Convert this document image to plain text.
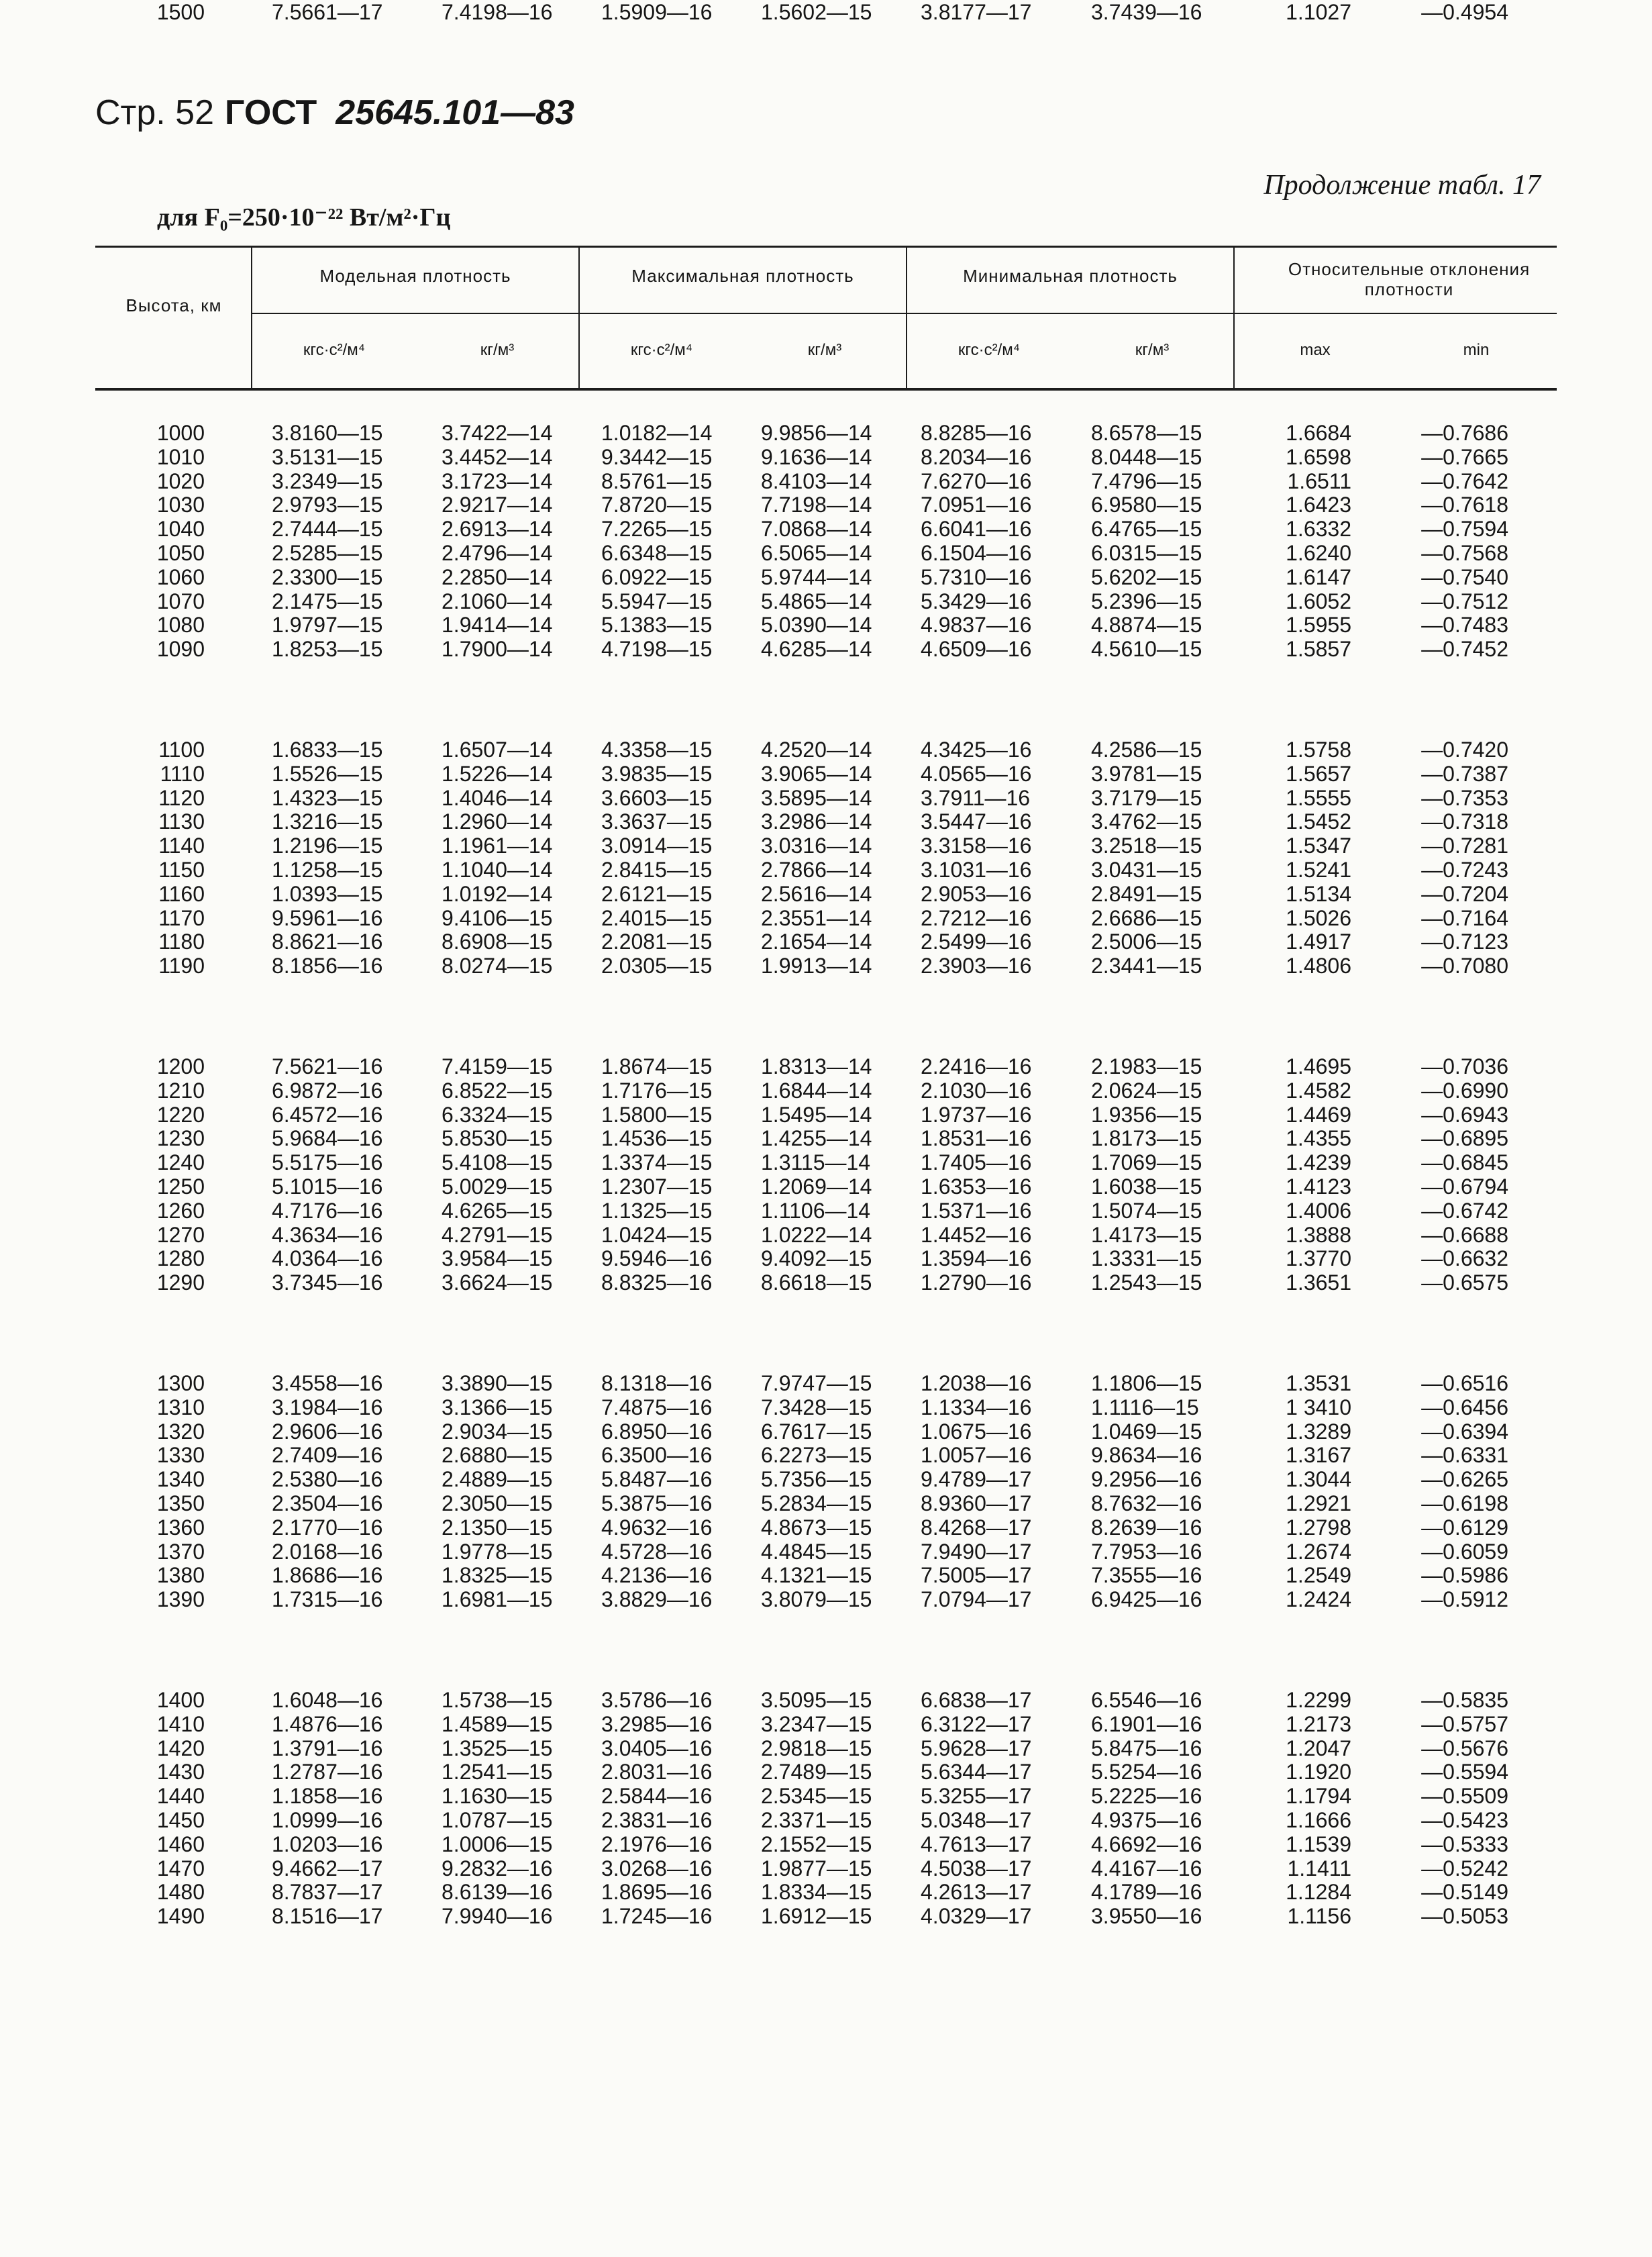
Стр. 52 ГОСТ 25645.101—83
Продолжение табл. 17
для F₀=250·10⁻²² Вт/м²·Гц
Высота, км
Модельная плотность	Максимальная плотность	Минимальная плотность	Относительные отклонения плотности
кгс·с²/м⁴	кг/м³	кгс·с²/м⁴	кг/м³	кгс·с²/м⁴	кг/м³	max	min
1000	3.8160—15	3.7422—14 1.0182—14 9.9856—14 8.8285—16	8.6578—15	1.6684	—0.7686
1010	3.5131—15	3.4452—14 9.3442—15 9.1636—14 8.2034—16	8.0448—15	1.6598	—0.7665
1020	3.2349—15	3.1723—14 8.5761—15 8.4103—14 7.6270—16	7.4796—15	1.6511	—0.7642
1030	2.9793—15	2.9217—14 7.8720—15 7.7198—14 7.0951—16	6.9580—15	1.6423	—0.7618
1040	2.7444—15	2.6913—14 7.2265—15 7.0868—14 6.6041—16	6.4765—15	1.6332	—0.7594
1050	2.5285—15	2.4796—14 6.6348—15 6.5065—14 6.1504—16	6.0315—15	1.6240	—0.7568
1060	2.3300—15	2.2850—14 6.0922—15 5.9744—14 5.7310—16	5.6202—15	1.6147	—0.7540
1070	2.1475—15	2.1060—14 5.5947—15 5.4865—14 5.3429—16	5.2396—15	1.6052	—0.7512
1080	1.9797—15	1.9414—14 5.1383—15 5.0390—14 4.9837—16	4.8874—15	1.5955	—0.7483
1090	1.8253—15	1.7900—14 4.7198—15 4.6285—14 4.6509—16	4.5610—15	1.5857	—0.7452
1100	1.6833—15	1.6507—14 4.3358—15 4.2520—14 4.3425—16	4.2586—15	1.5758	—0.7420
1110	1.5526—15	1.5226—14 3.9835—15 3.9065—14 4.0565—16	3.9781—15	1.5657	—0.7387
1120	1.4323—15	1.4046—14 3.6603—15 3.5895—14 3.7911—16	3.7179—15	1.5555	—0.7353
1130	1.3216—15	1.2960—14 3.3637—15 3.2986—14 3.5447—16	3.4762—15	1.5452	—0.7318
1140	1.2196—15	1.1961—14 3.0914—15 3.0316—14 3.3158—16	3.2518—15	1.5347	—0.7281
1150	1.1258—15	1.1040—14 2.8415—15 2.7866—14 3.1031—16	3.0431—15	1.5241	—0.7243
1160	1.0393—15	1.0192—14 2.6121—15 2.5616—14 2.9053—16	2.8491—15	1.5134	—0.7204
1170	9.5961—16	9.4106—15 2.4015—15 2.3551—14 2.7212—16	2.6686—15	1.5026	—0.7164
1180	8.8621—16	8.6908—15 2.2081—15 2.1654—14 2.5499—16	2.5006—15	1.4917	—0.7123
1190	8.1856—16	8.0274—15 2.0305—15 1.9913—14 2.3903—16	2.3441—15	1.4806	—0.7080
1200	7.5621—16	7.4159—15 1.8674—15 1.8313—14 2.2416—16	2.1983—15	1.4695	—0.7036
1210	6.9872—16	6.8522—15 1.7176—15 1.6844—14 2.1030—16	2.0624—15	1.4582	—0.6990
1220	6.4572—16	6.3324—15 1.5800—15 1.5495—14 1.9737—16	1.9356—15	1.4469	—0.6943
1230	5.9684—16	5.8530—15 1.4536—15 1.4255—14 1.8531—16	1.8173—15	1.4355	—0.6895
1240	5.5175—16	5.4108—15 1.3374—15 1.3115—14 1.7405—16	1.7069—15	1.4239	—0.6845
1250	5.1015—16	5.0029—15 1.2307—15 1.2069—14 1.6353—16	1.6038—15	1.4123	—0.6794
1260	4.7176—16	4.6265—15 1.1325—15 1.1106—14 1.5371—16	1.5074—15	1.4006	—0.6742
1270	4.3634—16	4.2791—15 1.0424—15 1.0222—14 1.4452—16	1.4173—15	1.3888	—0.6688
1280	4.0364—16	3.9584—15 9.5946—16 9.4092—15 1.3594—16	1.3331—15	1.3770	—0.6632
1290	3.7345—16	3.6624—15 8.8325—16 8.6618—15 1.2790—16	1.2543—15	1.3651	—0.6575
1300	3.4558—16	3.3890—15 8.1318—16 7.9747—15 1.2038—16	1.1806—15	1.3531	—0.6516
1310	3.1984—16	3.1366—15 7.4875—16 7.3428—15 1.1334—16	1.1116—15	1 3410	—0.6456
1320	2.9606—16	2.9034—15 6.8950—16 6.7617—15 1.0675—16	1.0469—15	1.3289	—0.6394
1330	2.7409—16	2.6880—15 6.3500—16 6.2273—15 1.0057—16	9.8634—16	1.3167	—0.6331
1340	2.5380—16	2.4889—15 5.8487—16 5.7356—15 9.4789—17	9.2956—16	1.3044	—0.6265
1350	2.3504—16	2.3050—15 5.3875—16 5.2834—15 8.9360—17	8.7632—16	1.2921	—0.6198
1360	2.1770—16	2.1350—15 4.9632—16 4.8673—15 8.4268—17	8.2639—16	1.2798	—0.6129
1370	2.0168—16	1.9778—15 4.5728—16 4.4845—15 7.9490—17	7.7953—16	1.2674	—0.6059
1380	1.8686—16	1.8325—15 4.2136—16 4.1321—15 7.5005—17	7.3555—16	1.2549	—0.5986
1390	1.7315—16	1.6981—15 3.8829—16 3.8079—15 7.0794—17	6.9425—16	1.2424	—0.5912
1400	1.6048—16	1.5738—15 3.5786—16 3.5095—15 6.6838—17	6.5546—16	1.2299	—0.5835
1410	1.4876—16	1.4589—15 3.2985—16 3.2347—15 6.3122—17	6.1901—16	1.2173	—0.5757
1420	1.3791—16	1.3525—15 3.0405—16 2.9818—15 5.9628—17	5.8475—16	1.2047	—0.5676
1430	1.2787—16	1.2541—15 2.8031—16 2.7489—15 5.6344—17	5.5254—16	1.1920	—0.5594
1440	1.1858—16	1.1630—15 2.5844—16 2.5345—15 5.3255—17	5.2225—16	1.1794	—0.5509
1450	1.0999—16	1.0787—15 2.3831—16 2.3371—15 5.0348—17	4.9375—16	1.1666	—0.5423
1460	1.0203—16	1.0006—15 2.1976—16 2.1552—15 4.7613—17	4.6692—16	1.1539	—0.5333
1470	9.4662—17	9.2832—16 3.0268—16 1.9877—15 4.5038—17	4.4167—16	1.1411	—0.5242
1480	8.7837—17	8.6139—16 1.8695—16 1.8334—15 4.2613—17	4.1789—16	1.1284	—0.5149
1490	8.1516—17	7.9940—16 1.7245—16 1.6912—15 4.0329—17	3.9550—16	1.1156	—0.5053
1500	7.5661—17	7.4198—16 1.5909—16 1.5602—15 3.8177—17	3.7439—16	1.1027	—0.4954
